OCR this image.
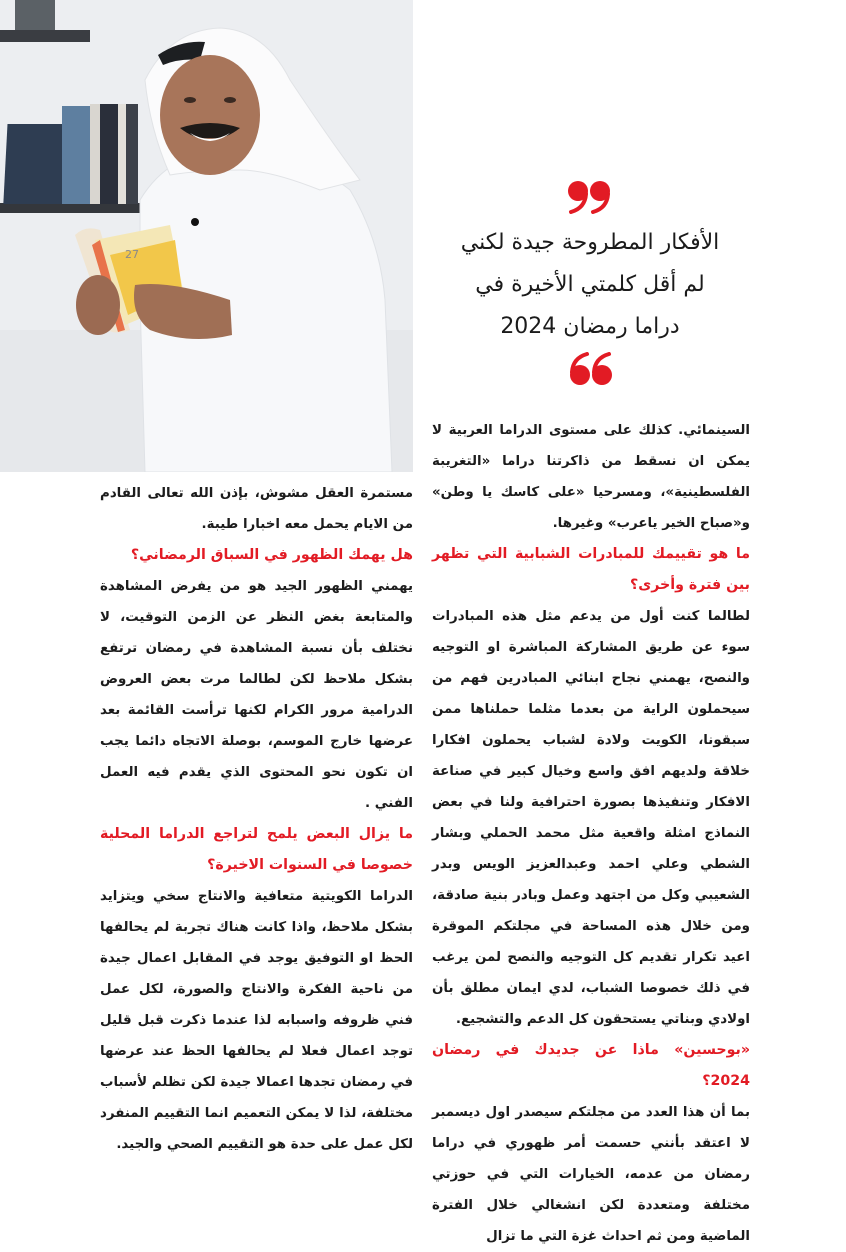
27	الأفكار المطروحة جيدة لكني
لم أقل كلمتي الأخيرة في
دراما رمضان 2024

السينمائي. كذلك على مستوى الدراما العربية لا يمكن ان نسقط من ذاكرتنا دراما «التغريبة الفلسطينية»، ومسرحيا «على كاسك يا وطن» و«صباح الخير ياعرب» وغيرها.

ما هو تقييمك للمبادرات الشبابية التي تظهر بين فترة وأخرى؟

لطالما كنت أول من يدعم مثل هذه المبادرات سوء عن طريق المشاركة المباشرة او التوجيه والنصح، يهمني نجاح ابنائي المبادرين فهم من سيحملون الراية من بعدما مثلما حملناها ممن سبقونا، الكويت ولادة لشباب يحملون افكارا خلاقة ولديهم افق واسع وخيال كبير في صناعة الافكار وتنفيذها بصورة احترافية ولنا في بعض النماذج امثلة واقعية مثل محمد الحملي وبشار الشطي وعلي احمد وعبدالعزيز الويس وبدر الشعيبي وكل من اجتهد وعمل وبادر بنية صادقة، ومن خلال هذه المساحة في مجلتكم الموقرة اعيد تكرار تقديم كل التوجيه والنصح لمن يرغب في ذلك خصوصا الشباب، لدي ايمان مطلق بأن اولادي وبناتي يستحقون كل الدعم والتشجيع.

«بوحسين» ماذا عن جديدك في رمضان 2024؟

بما أن هذا العدد من مجلتكم سيصدر اول ديسمبر لا اعتقد بأنني حسمت أمر ظهوري في دراما رمضان من عدمه، الخيارات التي في حوزتي مختلفة ومتعددة لكن انشغالي خلال الفترة الماضية ومن ثم احداث غزة التي ما تزال

مستمرة العقل مشوش، بإذن الله تعالى القادم من الايام يحمل معه اخبارا طيبة.

هل يهمك الظهور في السباق الرمضاني؟

يهمني الظهور الجيد هو من يفرض المشاهدة والمتابعة بغض النظر عن الزمن التوقيت، لا نختلف بأن نسبة المشاهدة في رمضان ترتفع بشكل ملاحظ لكن لطالما مرت بعض العروض الدرامية مرور الكرام لكنها ترأست القائمة بعد عرضها خارج الموسم، بوصلة الاتجاه دائما يجب ان تكون نحو المحتوى الذي يقدم فيه العمل الفني .

ما يزال البعض يلمح لتراجع الدراما المحلية خصوصا في السنوات الاخيرة؟

الدراما الكويتية متعافية والانتاج سخي ويتزايد بشكل ملاحظ، واذا كانت هناك تجربة لم يحالفها الحظ او التوفيق يوجد في المقابل اعمال جيدة من ناحية الفكرة والانتاج والصورة، لكل عمل فني ظروفه واسبابه لذا عندما ذكرت قبل قليل توجد اعمال فعلا لم يحالفها الحظ عند عرضها في رمضان تجدها اعمالا جيدة لكن تظلم لأسباب مختلفة، لذا لا يمكن التعميم انما التقييم المنفرد لكل عمل على حدة هو التقييم الصحي والجيد.
